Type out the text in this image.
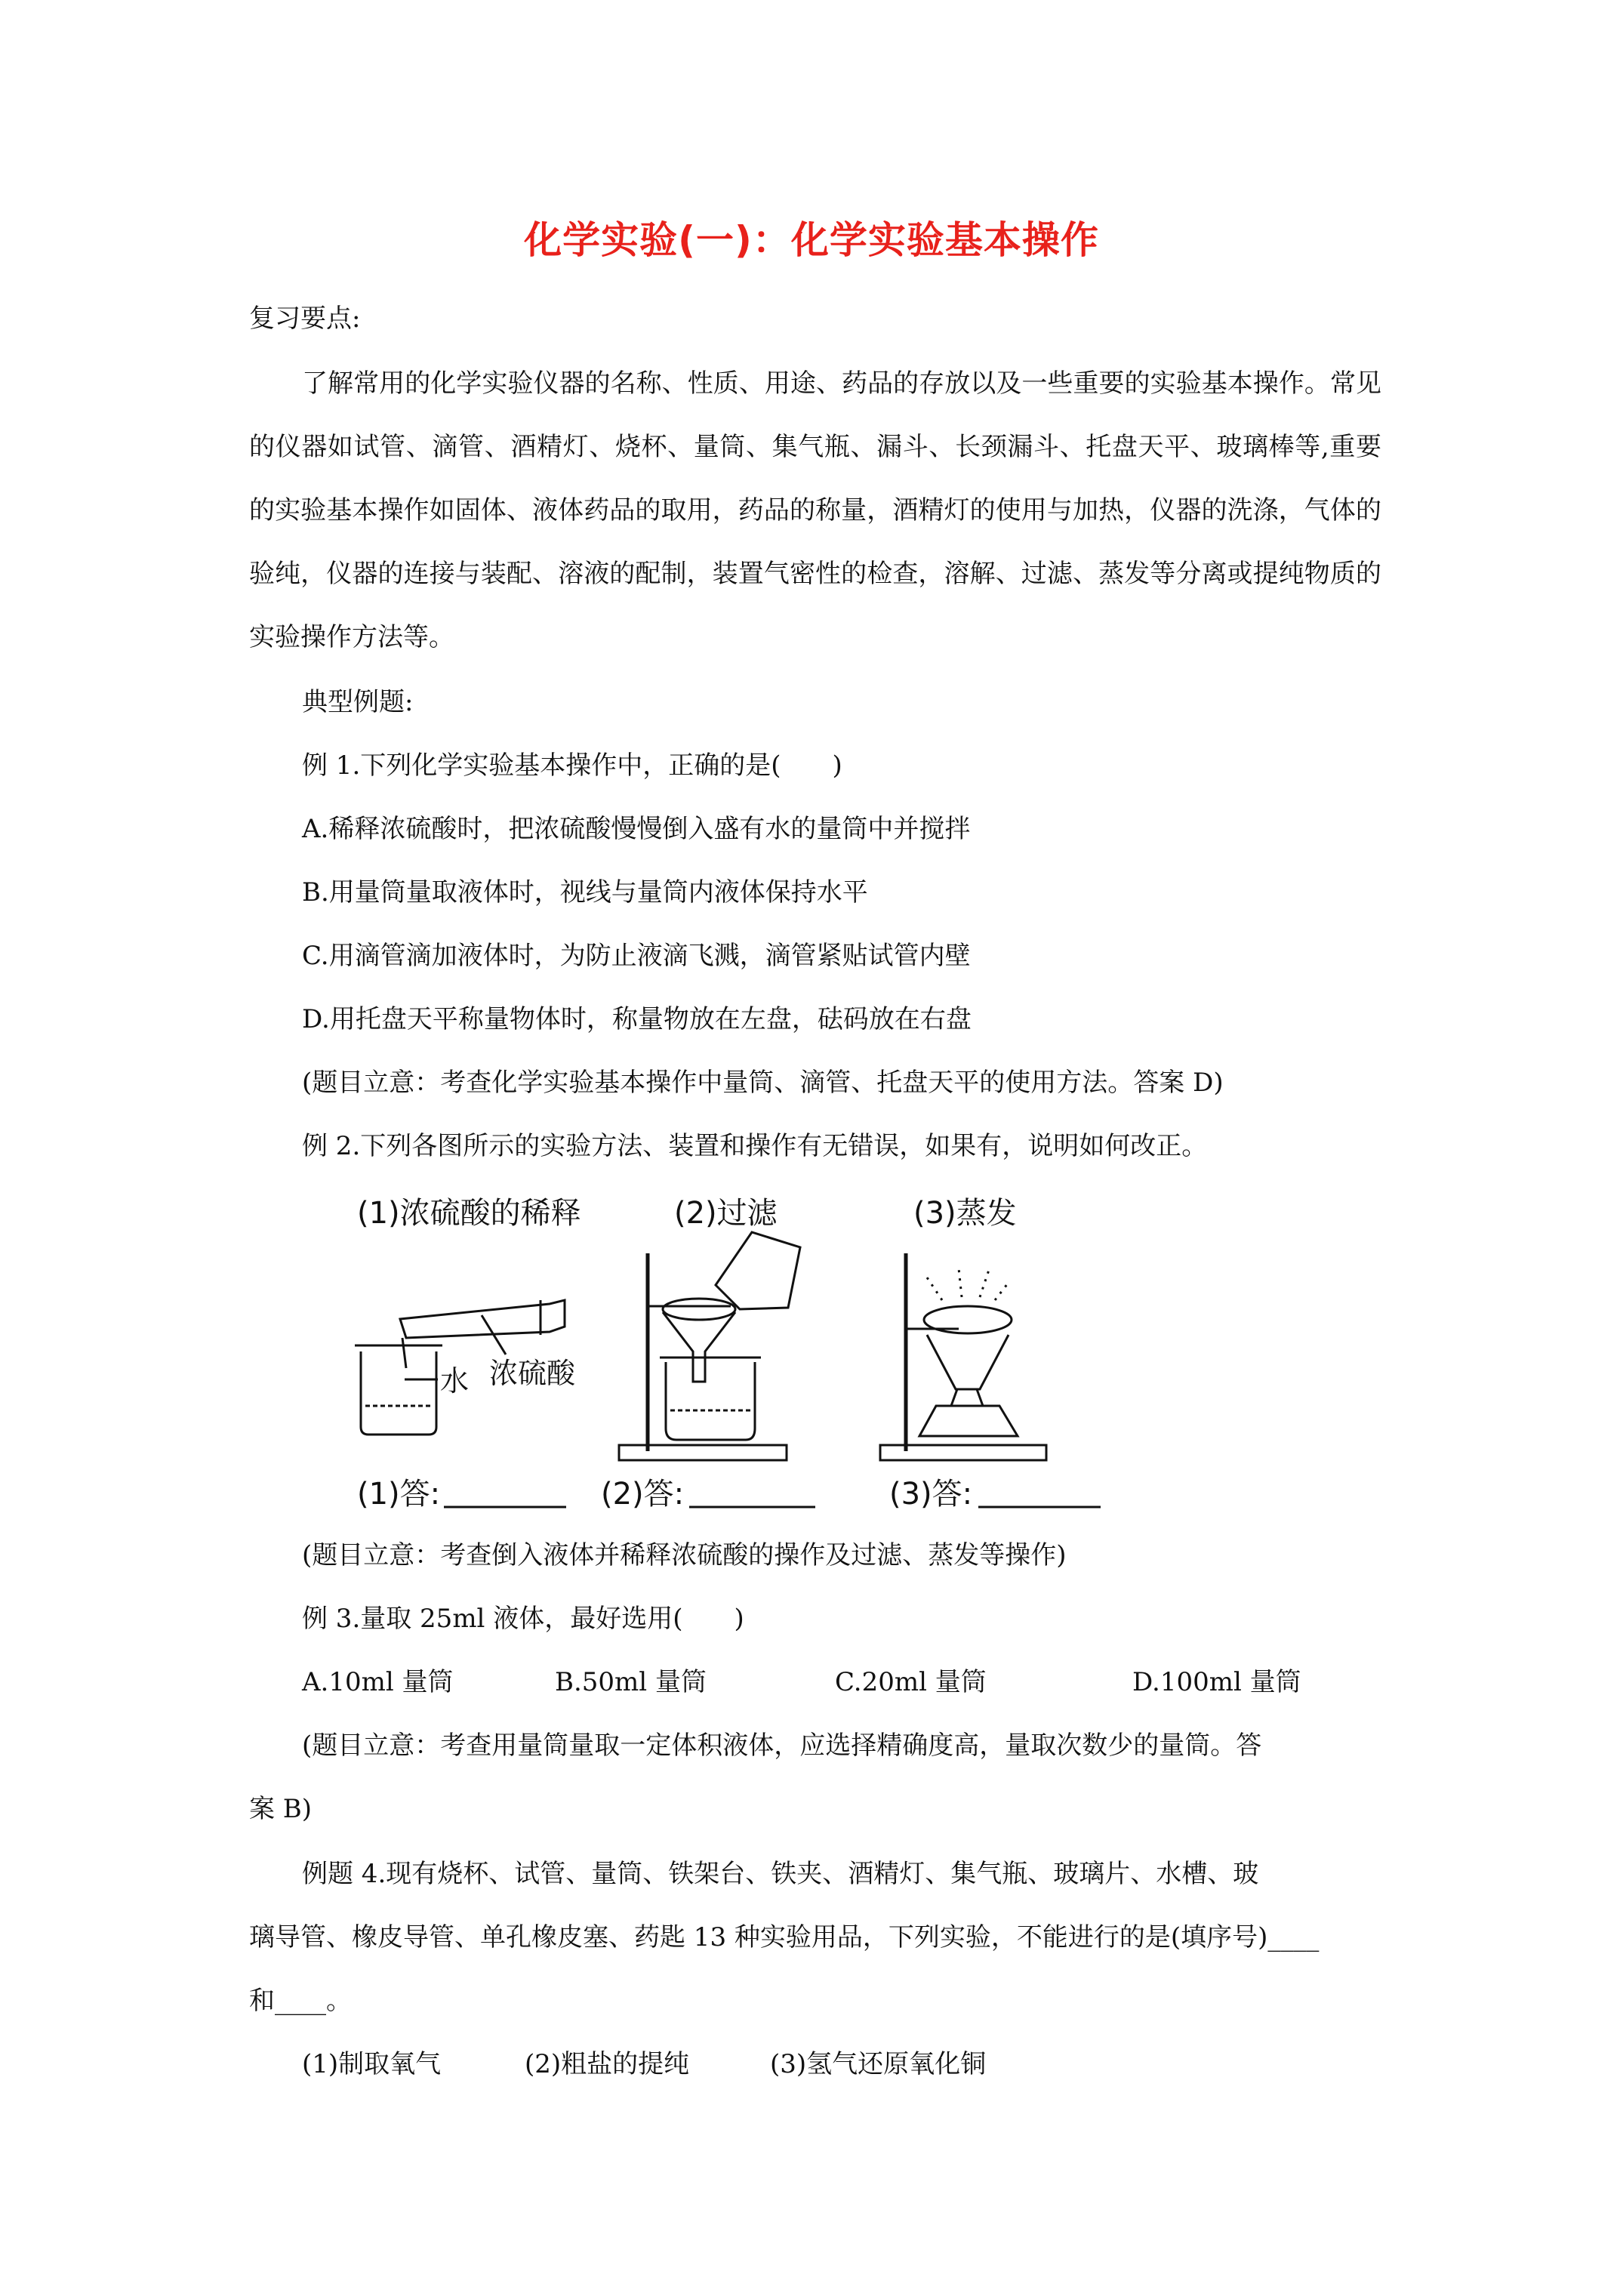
化学实验(一)：化学实验基本操作
复习要点:
了解常用的化学实验仪器的名称、性质、用途、药品的存放以及一些重要的实验基本操作。常见的仪器如试管、滴管、酒精灯、烧杯、量筒、集气瓶、漏斗、长颈漏斗、托盘天平、玻璃棒等,重要的实验基本操作如固体、液体药品的取用，药品的称量，酒精灯的使用与加热，仪器的洗涤，气体的验纯，仪器的连接与装配、溶液的配制，装置气密性的检查，溶解、过滤、蒸发等分离或提纯物质的实验操作方法等。
典型例题:
例 1.下列化学实验基本操作中，正确的是(　　)
A.稀释浓硫酸时，把浓硫酸慢慢倒入盛有水的量筒中并搅拌
B.用量筒量取液体时，视线与量筒内液体保持水平
C.用滴管滴加液体时，为防止液滴飞溅，滴管紧贴试管内壁
D.用托盘天平称量物体时，称量物放在左盘，砝码放在右盘
(题目立意：考查化学实验基本操作中量筒、滴管、托盘天平的使用方法。答案 D)
例 2.下列各图所示的实验方法、装置和操作有无错误，如果有，说明如何改正。
(1)浓硫酸的稀释	(2)过滤	(3)蒸发
浓硫酸
水
(1)答:	(2)答:	(3)答:
(题目立意：考查倒入液体并稀释浓硫酸的操作及过滤、蒸发等操作)
例 3.量取 25ml 液体，最好选用(　　)
A.10ml 量筒	B.50ml 量筒	C.20ml 量筒	D.100ml 量筒
(题目立意：考查用量筒量取一定体积液体，应选择精确度高，量取次数少的量筒。答
案 B)
例题 4.现有烧杯、试管、量筒、铁架台、铁夹、酒精灯、集气瓶、玻璃片、水槽、玻
璃导管、橡皮导管、单孔橡皮塞、药匙 13 种实验用品，下列实验，不能进行的是(填序号)____
和____。
(1)制取氧气	(2)粗盐的提纯	(3)氢气还原氧化铜
